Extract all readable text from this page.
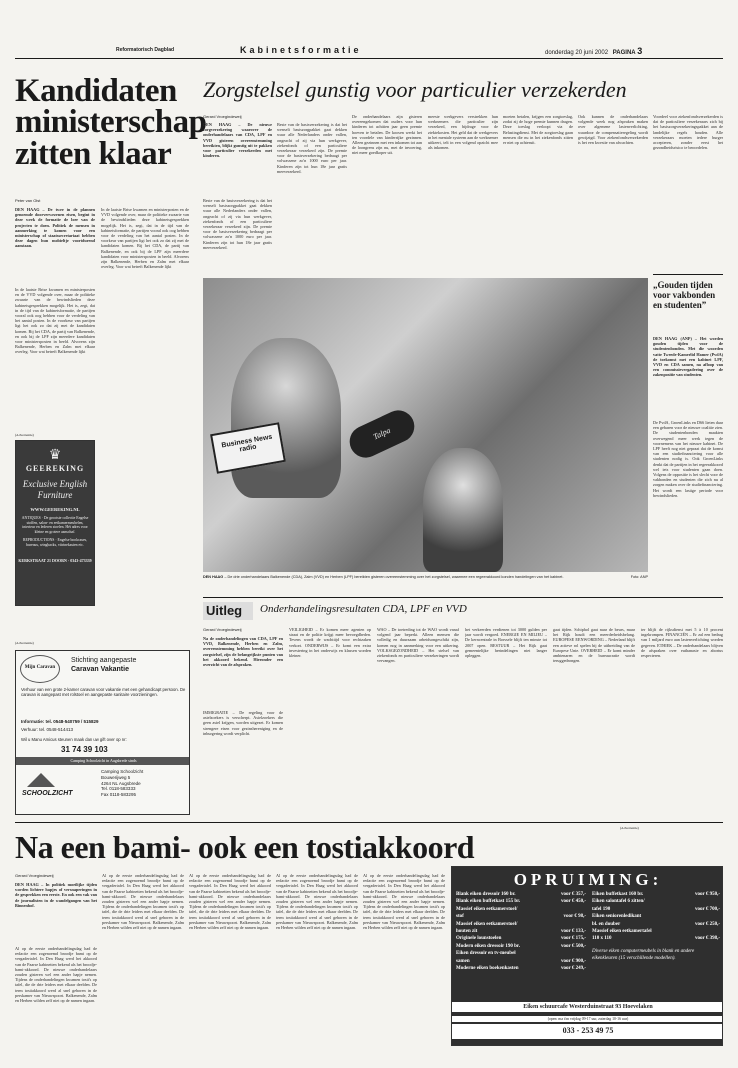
Reformatorisch Dagblad	Kabinetsformatie	donderdag 20 juni 2002 PAGINA 3
Kandidaten ministerschap zitten klaar
Peter van Olst
DEN HAAG – De twee in de plannen genoemde doorverwezenen eisen, begint in deze week de formatie de loer van de projecten te doen. Politiek de mensen in aanmerking te komen voor een ministerschap of staatssecretariaat hebben deze dagen hun mobieltje voortdurend aanstaan.
In de laatste Brise kwamen en ministerposten en de VVD volgende over, maar de politieke zwaarte van de bewindslieden deze kabinetsgesprekken mogelijk. Het is, zegt, dat in de tijd van de kabinetsformatie, de partijen vooral ook oog hebben voor de verdeling van het aantal posten. In de voorkeur van partijen ligt het ook zo dat zij met de kandidaten komen. Bij het CDA, de partij van Balkenende, en ook bij de LPF zijn meerdere kandidaten voor ministersposten in beeld. Alvorens zijn Balkenende, Herben en Zalm met elkaar overleg. Voor wat betreft Balkenende lijkt
In de laatste Brise kwamen en ministerposten en de VVD volgende over, maar de politieke zwaarte van de bewindslieden deze kabinetsgesprekken mogelijk. Het is, zegt, dat in de tijd van de kabinetsformatie, de partijen vooral ook oog hebben voor de verdeling van het aantal posten. In de voorkeur van partijen ligt het ook zo dat zij met de kandidaten komen. Bij het CDA, de partij van Balkenende, en ook bij de LPF zijn meerdere kandidaten voor ministersposten in beeld. Alvorens zijn Balkenende, Herben en Zalm met elkaar overleg. Voor wat betreft Balkenende lijkt
(Advertentie)
♛
GEEREKING
Exclusive English Furniture
WWW.GEEREKING.NL
ANTIQUES · De grootste collectie Engelse stoffen, salon- en eetkamermeubelen, interieur en lederen stoelen. Hét adres voor kleine en grotere aanschaf.
REPRODUCTIONS · Engelse bookcases, bureaus, wingbacks, vitrinekasten etc.
KERKSTRAAT 21 DOORN · 0343-473339
Zorgstelsel gunstig voor particulier verzekerden
Gerard Vroegindeweij
DEN HAAG – De nieuwe zorgverzekering waarover de onderhandelaars van CDA, LPF en VVD gisteren overeenstemming bereikten, blijkt gunstig uit te pakken voor particulier verzekerden met kinderen.
Beste van de basisverzekering is dat het wenseli basiszorgpakket gaat dekken waar alle Nederlanders onder vallen, ongeacht of zij via hun werkgever, ziekenfonds of een particuliere verzekeraar verzekerd zijn. De premie voor de basisverzekering bedraagt per volwassene zo'n 1000 euro per jaar. Kinderen zijn tot hun 18e jaar gratis meeverzekerd.
Beste van de basisverzekering is dat het wenseli basiszorgpakket gaat dekken waar alle Nederlanders onder vallen, ongeacht of zij via hun werkgever, ziekenfonds of een particuliere verzekeraar verzekerd zijn. De premie voor de basisverzekering bedraagt per volwassene zo'n 1000 euro per jaar. Kinderen zijn tot hun 18e jaar gratis meeverzekerd.
De onderhandelaars zijn gisteren overeengekomen dat ouders voor hun kinderen tot achttien jaar geen premie hoeven te betalen. De koosen werkt het ten voordele van kinderrijke gezinnen. Alleen gezinnen met een inkomen tot aan de loongrens zijn nu, met de invoering, niet meer goedkoper uit.
meeste werkgevers verstrekken hun werknemers die particulier zijn verzekerd, een bijdrage voor de ziektekosten. Het geld dat de werkgevers in het mentale systeem aan de werknemer uitkeert, telt in een volgend opzicht mee als inkomen.
moeten betalen, krijgen een zorgtoeslag, zodat zij de hoge premie kunnen dragen. Deze toeslag verloopt via de Belastingdienst. Met de zorgtoeslag gaan mensen die nu in het ziekenfonds zitten er niet op achteruit.
Ook kunnen de onderhandelaars volgende week nog afspraken maken over algemene lastenverlichting, waardoor de compensatieregeling wordt gewijzigd. Voor ziekenfondsverzekerden is het een kwestie van afwachten.
Voordeel voor ziekenfondsverzekerden is dat de particuliere verzekeraars zich bij het basiszorgverzekeringspakket aan de landelijke regels houden. Alle verzekeraars moeten iedere burger accepteren, zonder eerst het gezondheidsrisico te beoordelen.
Business News radio
Talpa
DEN HAAG – De drie onderhandelaars Balkenende (CDA), Zalm (VVD) en Herben (LPF) bereikten gisteren overeenstemming over het zorgstelsel, waarmee een regeerakkoord konden handelingen van het kabinet.	Foto: ANP
„Gouden tijden voor vakbonden en studenten”
DEN HAAG (ANP) – Het worden gouden tijden voor de studentenbonden. Met die woorden vatte Tweede-Kamerlid Hamer (PvdA) de toekomst met een kabinet LPF, VVD en CDA samen, na afloop van een commissievergadering over de zakenpositie van studenten.
De PvdA, GroenLinks en D66 lieten daar een gebaren voor de nieuwe coalitie zien. De studentenbonden maakten overwegend meer werk tegen de voornemens van het nieuwe kabinet. De LPF heeft nog niet gepraat dat de komst van een studiefinanciering voor alle studenten nodig is. Ook GroenLinks denkt dat de partijen in het regeerakkoord wel iets voor studenten gaan doen. Volgens de oppositie is het slecht voor de vakbonden en studenten die zich nu al zorgen maken over de studiefinanciering. Het wordt een lastige periode voor bewindslieden.
Uitleg	Onderhandelingsresultaten CDA, LPF en VVD
Gerard Vroegindeweij
Na de onderhandelingen van CDA, LPF en VVD, Balkenende, Herben en Zalm, overeenstemming hebben bereikt over het zorgstelsel, zijn de belangrijkste punten van het akkoord bekend. Hieronder een overzicht van de afspraken.
IMMIGRATIE – De regeling voor de asielzoekers is verscherpt. Asielzoekers die geen asiel krijgen, worden uitgezet. Er komen strengere eisen voor gezinshereniging en de inburgering wordt verplicht.
VEILIGHEID – Er komen meer agenten op straat en de politie krijgt meer bevoegdheden. Tevens wordt de wachttijd voor rechtzaken verkort. ONDERWIJS – Er komt een extra investering in het onderwijs en klassen worden kleiner.
WAO – De toetreding tot de WAO wordt vanaf volgend jaar beperkt. Alleen mensen die volledig en duurzaam arbeidsongeschikt zijn, komen nog in aanmerking voor een uitkering. VOLKSGEZONDHEID – Het stelsel van ziekenfonds en particuliere verzekeringen wordt vervangen.
het verkeerden verdienen tot 3000 gulden per jaar wordt vergoed. ENERGIE EN MILIEU – De kerncentrale in Borssele blijft ten minste tot 2007 open. BESTUUR – Het Rijk gaat gemeentelijke herindelingen niet langer opleggen.
gaat tijden. Schiphol gaat naar de beurs, maar het Rijk houdt een meerderheidsbelang. EUROPESE EENWORDING – Nederland blijft een actieve rol spelen bij de uitbreiding van de Europese Unie. OVERHEID – Er komt minder ambtenaren en de bureaucratie wordt teruggedrongen.
ter blijft de rijksdienst met 5 à 10 procent ingekrompen. FINANCIËN – Er zal een bedrag van 1 miljard euro aan lastenverlichting worden gegeven. ETHIEK – De onderhandelaars blijven de afspraken over euthanasie en abortus respecteren.
(Advertentie)
Mijn Caravan
Stichting aangepaste
Caravan Vakantie
Verhuur van een grote 2-kamer caravan voor vakantie met een gehandicapt persoon. De caravan is aangepast met rolstoel en aangepaste sanitaire voorzieningen.
Informatie: tel. 0548-540759 / 515829
Verhuur: tel. 0548-514413
Wil u Manu Amicus steunen maak dan uw gift over op nr:
31 74 39 103
Camping Schoolzicht in Augsbrede sinds
SCHOOLZICHT
Camping Schoolzicht
Bouwerijweg 5
4264 NL Augsbrede
Tel. 0118-583333
Fax 0118-583295
Na een bami- ook een tostiakkoord
Gerard Vroegindeweij
DEN HAAG – In politiek moeilijke tijden worden lichtere hapjes of versnaperingen in de gesprekken een eerste. En ook een vak van de journalisten in de wandelgangen van het Binnenhof.
Al op de eerste onderhandelingsdag had de redactie een zogenoemd broodje bami op de vergadertafel. In Den Haag werd het akkoord van de Paarse kabinetten bekend als het broodje-bami-akkoord. De nieuwe onderhandelaars zouden gisteren wel een ander hapje nemen. Tijdens de onderhandelingen kwamen tosti's op tafel, die de drie leiders met elkaar deelden. De term tostiakkoord werd al snel geboren in de perskamer van Nieuwspoort. Balkenende, Zalm en Herben wilden zelf niet op de namen ingaan.
Al op de eerste onderhandelingsdag had de redactie een zogenoemd broodje bami op de vergadertafel. In Den Haag werd het akkoord van de Paarse kabinetten bekend als het broodje-bami-akkoord. De nieuwe onderhandelaars zouden gisteren wel een ander hapje nemen. Tijdens de onderhandelingen kwamen tosti's op tafel, die de drie leiders met elkaar deelden. De term tostiakkoord werd al snel geboren in de perskamer van Nieuwspoort. Balkenende, Zalm en Herben wilden zelf niet op de namen ingaan.
Al op de eerste onderhandelingsdag had de redactie een zogenoemd broodje bami op de vergadertafel. In Den Haag werd het akkoord van de Paarse kabinetten bekend als het broodje-bami-akkoord. De nieuwe onderhandelaars zouden gisteren wel een ander hapje nemen. Tijdens de onderhandelingen kwamen tosti's op tafel, die de drie leiders met elkaar deelden. De term tostiakkoord werd al snel geboren in de perskamer van Nieuwspoort. Balkenende, Zalm en Herben wilden zelf niet op de namen ingaan.
Al op de eerste onderhandelingsdag had de redactie een zogenoemd broodje bami op de vergadertafel. In Den Haag werd het akkoord van de Paarse kabinetten bekend als het broodje-bami-akkoord. De nieuwe onderhandelaars zouden gisteren wel een ander hapje nemen. Tijdens de onderhandelingen kwamen tosti's op tafel, die de drie leiders met elkaar deelden. De term tostiakkoord werd al snel geboren in de perskamer van Nieuwspoort. Balkenende, Zalm en Herben wilden zelf niet op de namen ingaan.
Al op de eerste onderhandelingsdag had de redactie een zogenoemd broodje bami op de vergadertafel. In Den Haag werd het akkoord van de Paarse kabinetten bekend als het broodje-bami-akkoord. De nieuwe onderhandelaars zouden gisteren wel een ander hapje nemen. Tijdens de onderhandelingen kwamen tosti's op tafel, die de drie leiders met elkaar deelden. De term tostiakkoord werd al snel geboren in de perskamer van Nieuwspoort. Balkenende, Zalm en Herben wilden zelf niet op de namen ingaan.
(Advertentie)
OPRUIMING:
Blank eiken dressoir 160 br.	voor € 357,-
Blank eiken buffetkast 155 br.	voor € 450,-
Massief eiken eetkamerstoel/
stof	voor € 98,-
Massief eiken eetkamerstoel/
houten zit	voor € 133,-
Originele lounstoelen	voor € 175,-
Modern eiken dressoir 190 br.	voor € 500,-
Eiken dressoir en tv-meubel
samen	voor € 900,-
Moderne eiken boekenkasten	voor € 249,-
Eiken buffetkast 160 br.	voor € 950,-
Eiken salontafel 6 zitten/
tafel 190	voor € 700,-
Eiken seniorenledikant
bl. en douber	voor € 250,-
Massief eiken eetkamertafel
110 x 110	voor € 398,-
Diverse eiken computermeubels in blank en andere eikenkleuren (15 verschillende modellen).
Eiken schuurcafe Westerduinstraat 93 Hoevelaken
(open: ma t/m vrijdag 09-17 uur, zaterdag 10-16 uur)
033 - 253 49 75
